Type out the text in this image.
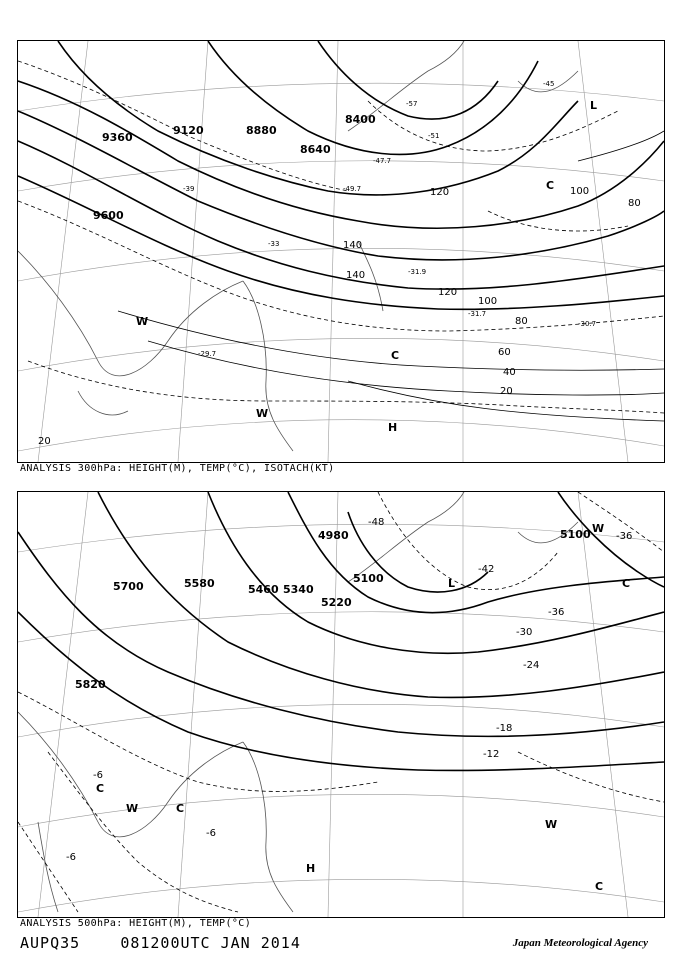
9360
9120	8880
8640
8400
9600
20
20
40
60
80
80
100
100
120
120
140
140
-57
-51
-49.7
-47.7
-45
-39
-33
-31.9
-31.7
-30.7
-29.7
L
H
C
C
W
W
ANALYSIS 300hPa: HEIGHT(M), TEMP(°C), ISOTACH(KT)
5700	5580	5460 5340
5220
5100
5100
4980
5820
-48
-42
-36
-36
-30
-24
-18
-12
-6
-6
-6
L
H
C
C
C
C
W
W
W
ANALYSIS 500hPa: HEIGHT(M), TEMP(°C)
AUPQ35	081200UTC JAN 2014	Japan Meteorological Agency
